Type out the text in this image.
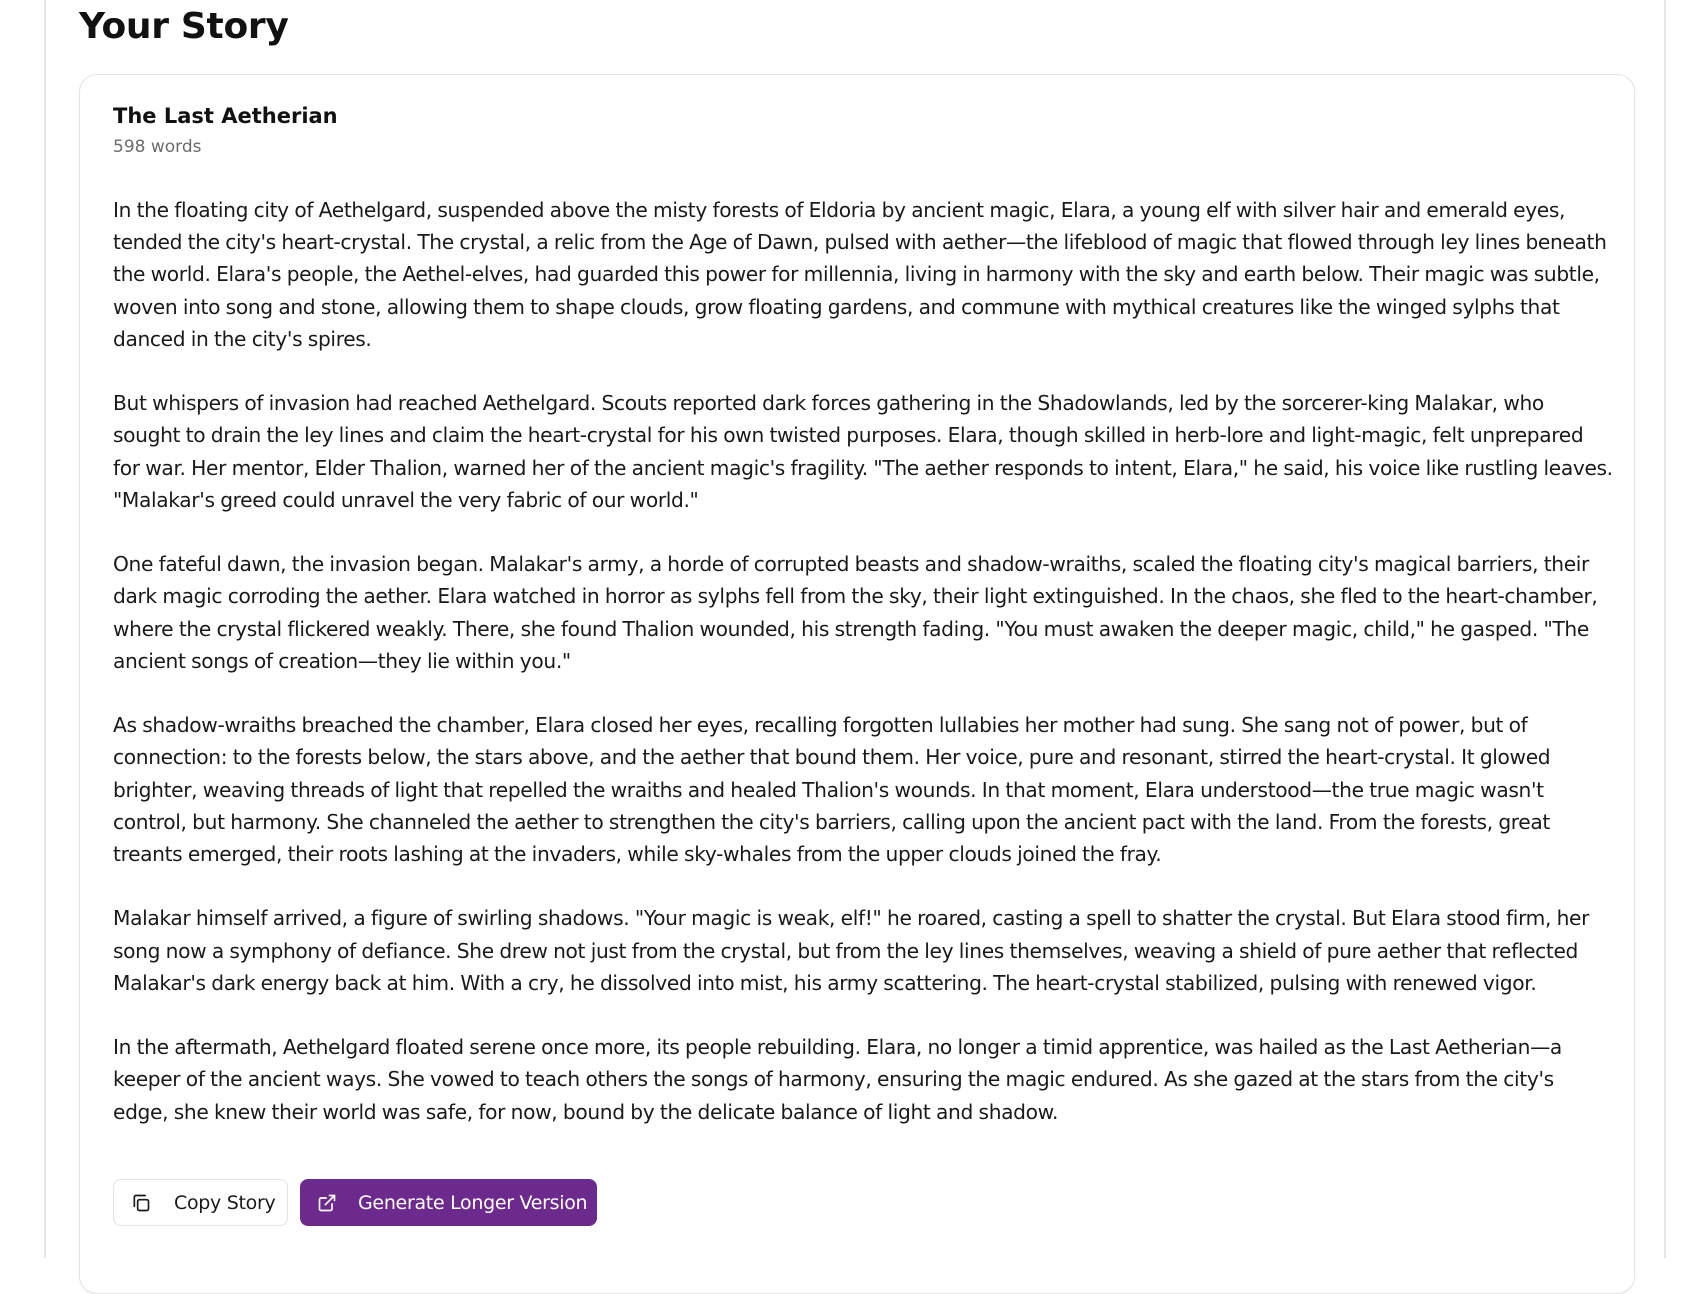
Your Story
The Last Aetherian
598 words

In the floating city of Aethelgard, suspended above the misty forests of Eldoria by ancient magic, Elara, a young elf with silver hair and emerald eyes, tended the city's heart-crystal. The crystal, a relic from the Age of Dawn, pulsed with aether—the lifeblood of magic that flowed through ley lines beneath the world. Elara's people, the Aethel-elves, had guarded this power for millennia, living in harmony with the sky and earth below. Their magic was subtle, woven into song and stone, allowing them to shape clouds, grow floating gardens, and commune with mythical creatures like the winged sylphs that danced in the city's spires.

But whispers of invasion had reached Aethelgard. Scouts reported dark forces gathering in the Shadowlands, led by the sorcerer-king Malakar, who sought to drain the ley lines and claim the heart-crystal for his own twisted purposes. Elara, though skilled in herb-lore and light-magic, felt unprepared for war. Her mentor, Elder Thalion, warned her of the ancient magic's fragility. "The aether responds to intent, Elara," he said, his voice like rustling leaves. "Malakar's greed could unravel the very fabric of our world."

One fateful dawn, the invasion began. Malakar's army, a horde of corrupted beasts and shadow-wraiths, scaled the floating city's magical barriers, their dark magic corroding the aether. Elara watched in horror as sylphs fell from the sky, their light extinguished. In the chaos, she fled to the heart-chamber, where the crystal flickered weakly. There, she found Thalion wounded, his strength fading. "You must awaken the deeper magic, child," he gasped. "The ancient songs of creation—they lie within you."

As shadow-wraiths breached the chamber, Elara closed her eyes, recalling forgotten lullabies her mother had sung. She sang not of power, but of connection: to the forests below, the stars above, and the aether that bound them. Her voice, pure and resonant, stirred the heart-crystal. It glowed brighter, weaving threads of light that repelled the wraiths and healed Thalion's wounds. In that moment, Elara understood—the true magic wasn't control, but harmony. She channeled the aether to strengthen the city's barriers, calling upon the ancient pact with the land. From the forests, great treants emerged, their roots lashing at the invaders, while sky-whales from the upper clouds joined the fray.

Malakar himself arrived, a figure of swirling shadows. "Your magic is weak, elf!" he roared, casting a spell to shatter the crystal. But Elara stood firm, her song now a symphony of defiance. She drew not just from the crystal, but from the ley lines themselves, weaving a shield of pure aether that reflected Malakar's dark energy back at him. With a cry, he dissolved into mist, his army scattering. The heart-crystal stabilized, pulsing with renewed vigor.

In the aftermath, Aethelgard floated serene once more, its people rebuilding. Elara, no longer a timid apprentice, was hailed as the Last Aetherian—a keeper of the ancient ways. She vowed to teach others the songs of harmony, ensuring the magic endured. As she gazed at the stars from the city's edge, she knew their world was safe, for now, bound by the delicate balance of light and shadow.

Copy Story	Generate Longer Version
